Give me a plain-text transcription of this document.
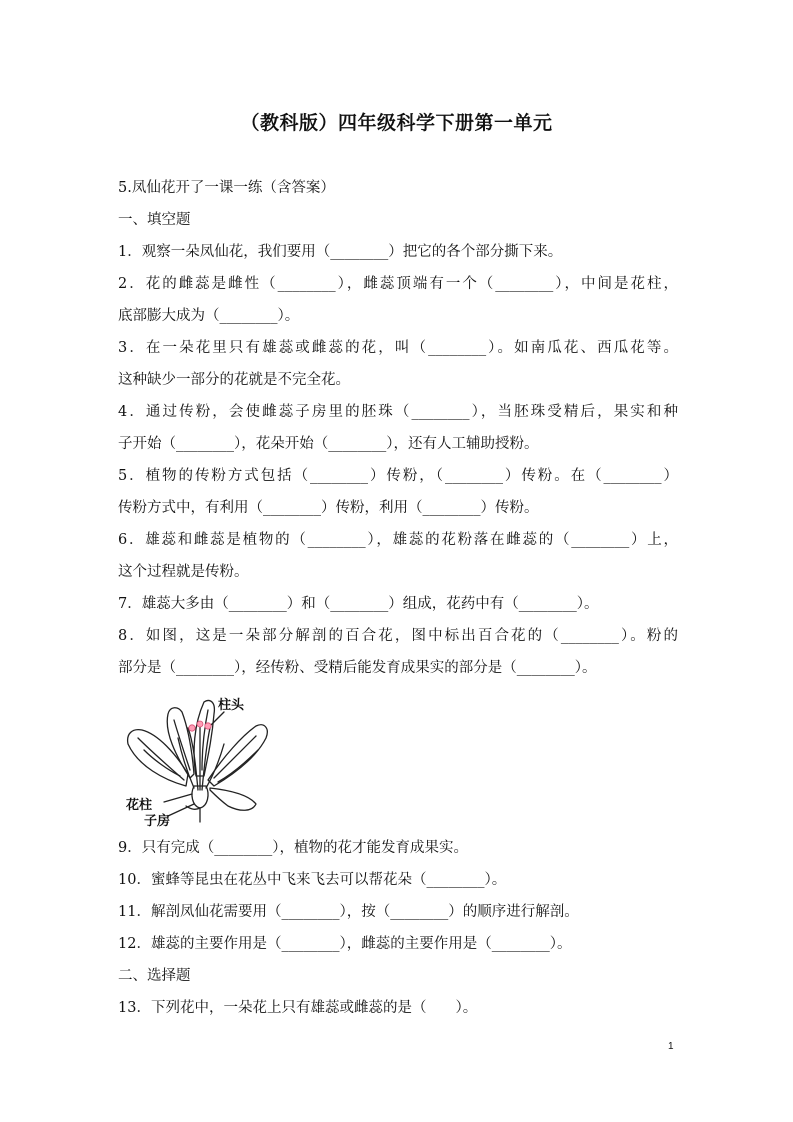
（教科版）四年级科学下册第一单元
5.凤仙花开了一课一练（含答案）
一、填空题
1．观察一朵凤仙花，我们要用（________）把它的各个部分撕下来。
2．花的雌蕊是雌性（________），雌蕊顶端有一个（________），中间是花柱，
底部膨大成为（________）。
3．在一朵花里只有雄蕊或雌蕊的花，叫（________）。如南瓜花、西瓜花等。
这种缺少一部分的花就是不完全花。
4．通过传粉，会使雌蕊子房里的胚珠（________），当胚珠受精后，果实和种
子开始（________），花朵开始（________），还有人工辅助授粉。
5．植物的传粉方式包括（________）传粉，（________）传粉。在（________）
传粉方式中，有利用（________）传粉，利用（________）传粉。
6．雄蕊和雌蕊是植物的（________），雄蕊的花粉落在雌蕊的（________）上，
这个过程就是传粉。
7．雄蕊大多由（________）和（________）组成，花药中有（________）。
8．如图，这是一朵部分解剖的百合花，图中标出百合花的（________）。粉的
部分是（________），经传粉、受精后能发育成果实的部分是（________）。
柱头
花柱
子房
9．只有完成（________），植物的花才能发育成果实。
10．蜜蜂等昆虫在花丛中飞来飞去可以帮花朵（________）。
11．解剖凤仙花需要用（________），按（________）的顺序进行解剖。
12．雄蕊的主要作用是（________），雌蕊的主要作用是（________）。
二、选择题
13．下列花中，一朵花上只有雄蕊或雌蕊的是（　　）。
1
